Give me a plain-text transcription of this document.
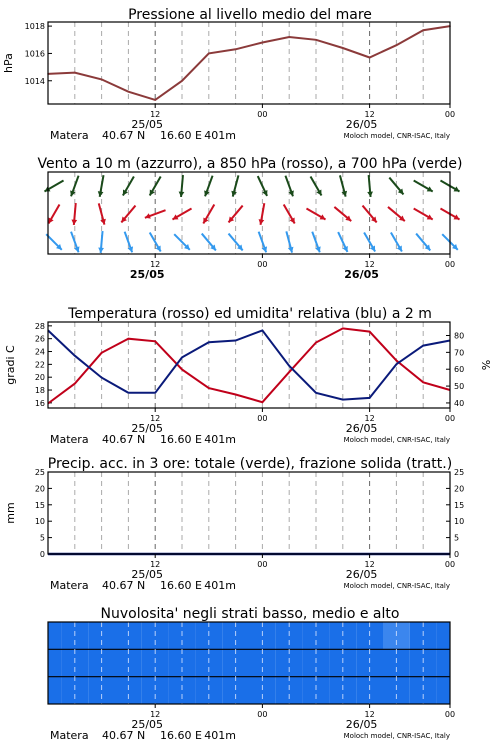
Pressione al livello medio del mare
1014
1016
1018
hPa
12	00	12	00
25/05	26/05
Matera 40.67 N 16.60 E 401m	Moloch model, CNR-ISAC, Italy
Vento a 10 m (azzurro), a 850 hPa (rosso), a 700 hPa (verde)
12	00	12	00
25/05	26/05
Temperatura (rosso) ed umidita' relativa (blu) a 2 m
16
18
20
22
24
26
28
gradi C
40
50
60
70
80
%
12	00	12	00
25/05	26/05
Matera 40.67 N 16.60 E 401m	Moloch model, CNR-ISAC, Italy
Precip. acc. in 3 ore: totale (verde), frazione solida (tratt.)
0
5
10
15
20
25
mm
0
5
10
15
20
25
12	00	12	00
25/05	26/05
Matera 40.67 N 16.60 E 401m	Moloch model, CNR-ISAC, Italy
Nuvolosita' negli strati basso, medio e alto
12	00	12	00
25/05	26/05
Matera 40.67 N 16.60 E 401m	Moloch model, CNR-ISAC, Italy
